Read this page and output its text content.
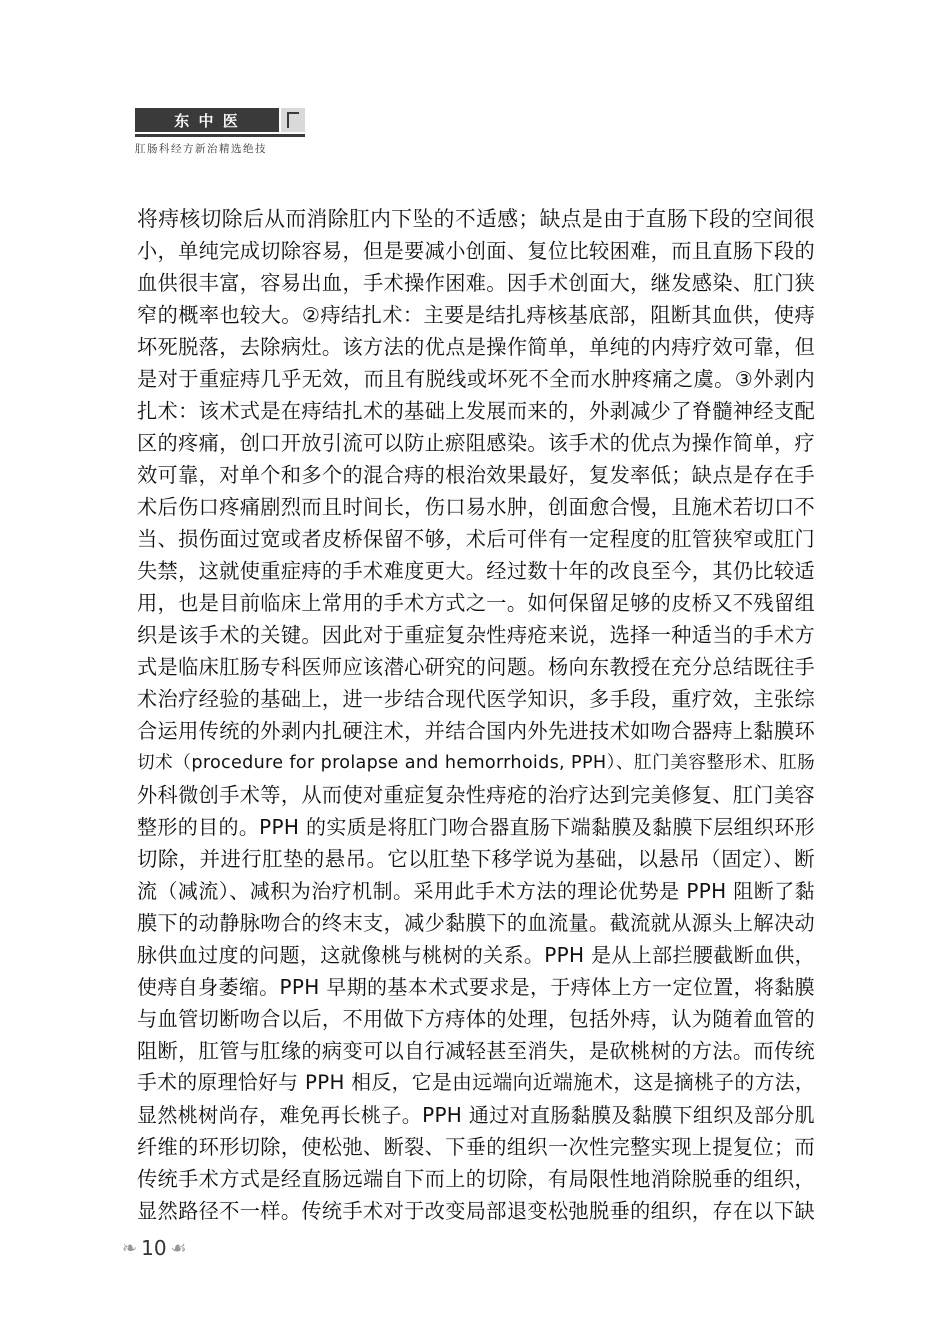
东 中 医
肛肠科经方新治精选绝技
将痔核切除后从而消除肛内下坠的不适感；缺点是由于直肠下段的空间很
小，单纯完成切除容易，但是要减小创面、复位比较困难，而且直肠下段的
血供很丰富，容易出血，手术操作困难。因手术创面大，继发感染、肛门狭
窄的概率也较大。②痔结扎术：主要是结扎痔核基底部，阻断其血供，使痔
坏死脱落，去除病灶。该方法的优点是操作简单，单纯的内痔疗效可靠，但
是对于重症痔几乎无效，而且有脱线或坏死不全而水肿疼痛之虞。③外剥内
扎术：该术式是在痔结扎术的基础上发展而来的，外剥减少了脊髓神经支配
区的疼痛，创口开放引流可以防止瘀阻感染。该手术的优点为操作简单，疗
效可靠，对单个和多个的混合痔的根治效果最好，复发率低；缺点是存在手
术后伤口疼痛剧烈而且时间长，伤口易水肿，创面愈合慢，且施术若切口不
当、损伤面过宽或者皮桥保留不够，术后可伴有一定程度的肛管狭窄或肛门
失禁，这就使重症痔的手术难度更大。经过数十年的改良至今，其仍比较适
用，也是目前临床上常用的手术方式之一。如何保留足够的皮桥又不残留组
织是该手术的关键。因此对于重症复杂性痔疮来说，选择一种适当的手术方
式是临床肛肠专科医师应该潜心研究的问题。杨向东教授在充分总结既往手
术治疗经验的基础上，进一步结合现代医学知识，多手段，重疗效，主张综
合运用传统的外剥内扎硬注术，并结合国内外先进技术如吻合器痔上黏膜环
切术（procedure for prolapse and hemorrhoids, PPH）、肛门美容整形术、肛肠
外科微创手术等，从而使对重症复杂性痔疮的治疗达到完美修复、肛门美容
整形的目的。PPH 的实质是将肛门吻合器直肠下端黏膜及黏膜下层组织环形
切除，并进行肛垫的悬吊。它以肛垫下移学说为基础，以悬吊（固定）、断
流（减流）、减积为治疗机制。采用此手术方法的理论优势是 PPH 阻断了黏
膜下的动静脉吻合的终末支，减少黏膜下的血流量。截流就从源头上解决动
脉供血过度的问题，这就像桃与桃树的关系。PPH 是从上部拦腰截断血供，
使痔自身萎缩。PPH 早期的基本术式要求是，于痔体上方一定位置，将黏膜
与血管切断吻合以后，不用做下方痔体的处理，包括外痔，认为随着血管的
阻断，肛管与肛缘的病变可以自行减轻甚至消失，是砍桃树的方法。而传统
手术的原理恰好与 PPH 相反，它是由远端向近端施术，这是摘桃子的方法，
显然桃树尚存，难免再长桃子。PPH 通过对直肠黏膜及黏膜下组织及部分肌
纤维的环形切除，使松弛、断裂、下垂的组织一次性完整实现上提复位；而
传统手术方式是经直肠远端自下而上的切除，有局限性地消除脱垂的组织，
显然路径不一样。传统手术对于改变局部退变松弛脱垂的组织，存在以下缺
❧ 10 ☙
